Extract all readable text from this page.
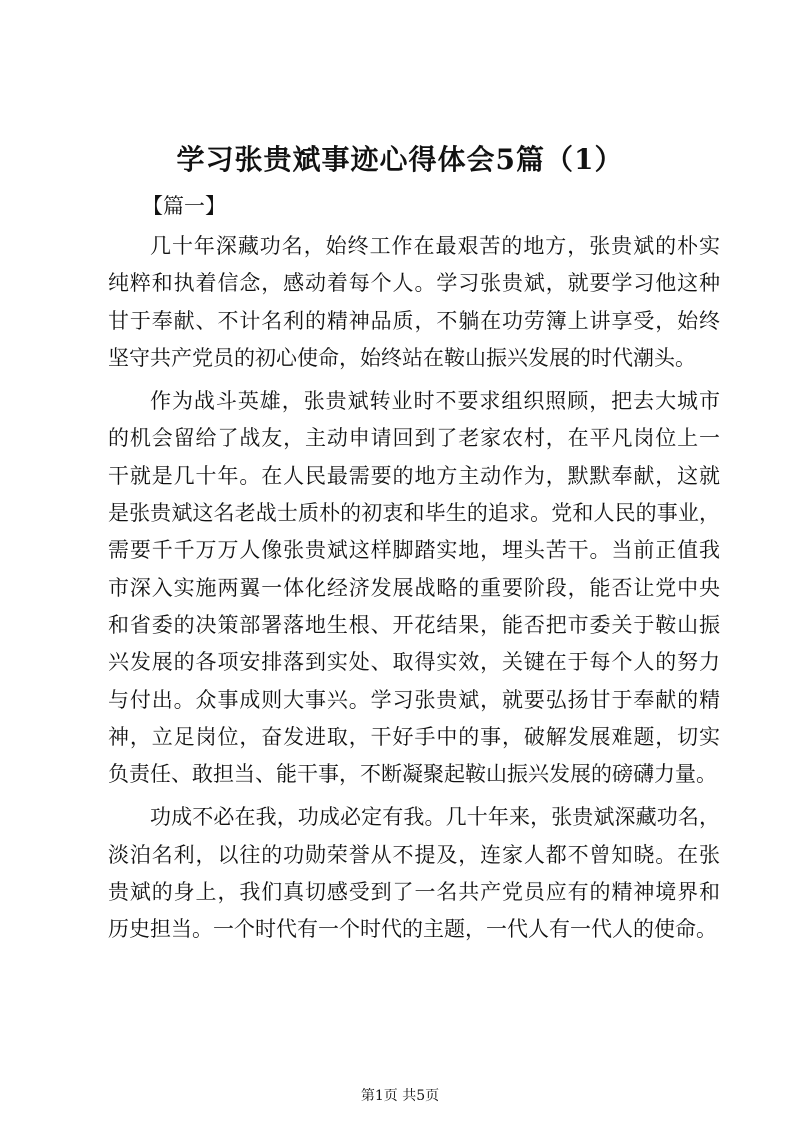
学习张贵斌事迹心得体会5篇（1）
【篇一】
几十年深藏功名，始终工作在最艰苦的地方，张贵斌的朴实
纯粹和执着信念，感动着每个人。学习张贵斌，就要学习他这种
甘于奉献、不计名利的精神品质，不躺在功劳簿上讲享受，始终
坚守共产党员的初心使命，始终站在鞍山振兴发展的时代潮头。
作为战斗英雄，张贵斌转业时不要求组织照顾，把去大城市
的机会留给了战友，主动申请回到了老家农村，在平凡岗位上一
干就是几十年。在人民最需要的地方主动作为，默默奉献，这就
是张贵斌这名老战士质朴的初衷和毕生的追求。党和人民的事业，
需要千千万万人像张贵斌这样脚踏实地，埋头苦干。当前正值我
市深入实施两翼一体化经济发展战略的重要阶段，能否让党中央
和省委的决策部署落地生根、开花结果，能否把市委关于鞍山振
兴发展的各项安排落到实处、取得实效，关键在于每个人的努力
与付出。众事成则大事兴。学习张贵斌，就要弘扬甘于奉献的精
神，立足岗位，奋发进取，干好手中的事，破解发展难题，切实
负责任、敢担当、能干事，不断凝聚起鞍山振兴发展的磅礴力量。
功成不必在我，功成必定有我。几十年来，张贵斌深藏功名，
淡泊名利，以往的功勋荣誉从不提及，连家人都不曾知晓。在张
贵斌的身上，我们真切感受到了一名共产党员应有的精神境界和
历史担当。一个时代有一个时代的主题，一代人有一代人的使命。
第1页 共5页
